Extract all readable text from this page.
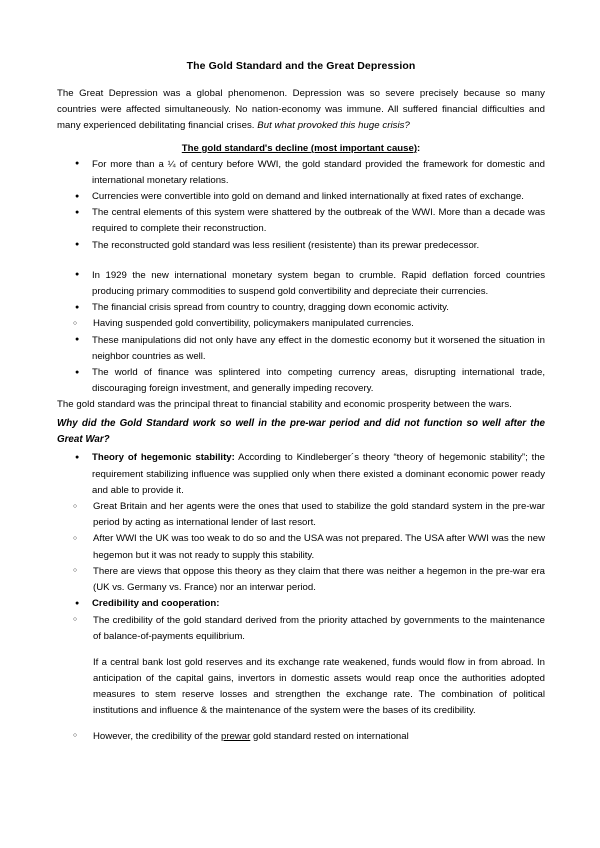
The Gold Standard and the Great Depression

The Great Depression was a global phenomenon. Depression was so severe precisely because so many countries were affected simultaneously. No nation-economy was immune. All suffered financial difficulties and many experienced debilitating financial crises. But what provoked this huge crisis?

The gold standard's decline (most important cause):
● For more than a ¼ of century before WWI, the gold standard provided the framework for domestic and international monetary relations.
● Currencies were convertible into gold on demand and linked internationally at fixed rates of exchange.
● The central elements of this system were shattered by the outbreak of the WWI. More than a decade was required to complete their reconstruction.
● The reconstructed gold standard was less resilient (resistente) than its prewar predecessor.
● In 1929 the new international monetary system began to crumble. Rapid deflation forced countries producing primary commodities to suspend gold convertibility and depreciate their currencies.
● The financial crisis spread from country to country, dragging down economic activity.
○ Having suspended gold convertibility, policymakers manipulated currencies.
● These manipulations did not only have any effect in the domestic economy but it worsened the situation in neighbor countries as well.
● The world of finance was splintered into competing currency areas, disrupting international trade, discouraging foreign investment, and generally impeding recovery.

The gold standard was the principal threat to financial stability and economic prosperity between the wars.

Why did the Gold Standard work so well in the pre-war period and did not function so well after the Great War?
● Theory of hegemonic stability: According to Kindleberger´s theory “theory of hegemonic stability”; the requirement stabilizing influence was supplied only when there existed a dominant economic power ready and able to provide it.
○ Great Britain and her agents were the ones that used to stabilize the gold standard system in the pre-war period by acting as international lender of last resort.
○ After WWI the UK was too weak to do so and the USA was not prepared. The USA after WWI was the new hegemon but it was not ready to supply this stability.
○ There are views that oppose this theory as they claim that there was neither a hegemon in the pre-war era (UK vs. Germany vs. France) nor an interwar period.
● Credibility and cooperation:
○ The credibility of the gold standard derived from the priority attached by governments to the maintenance of balance-of-payments equilibrium.

If a central bank lost gold reserves and its exchange rate weakened, funds would flow in from abroad. In anticipation of the capital gains, invertors in domestic assets would reap once the authorities adopted measures to stem reserve losses and strengthen the exchange rate. The combination of political institutions and influence & the maintenance of the system were the bases of its credibility.

○ However, the credibility of the prewar gold standard rested on international
